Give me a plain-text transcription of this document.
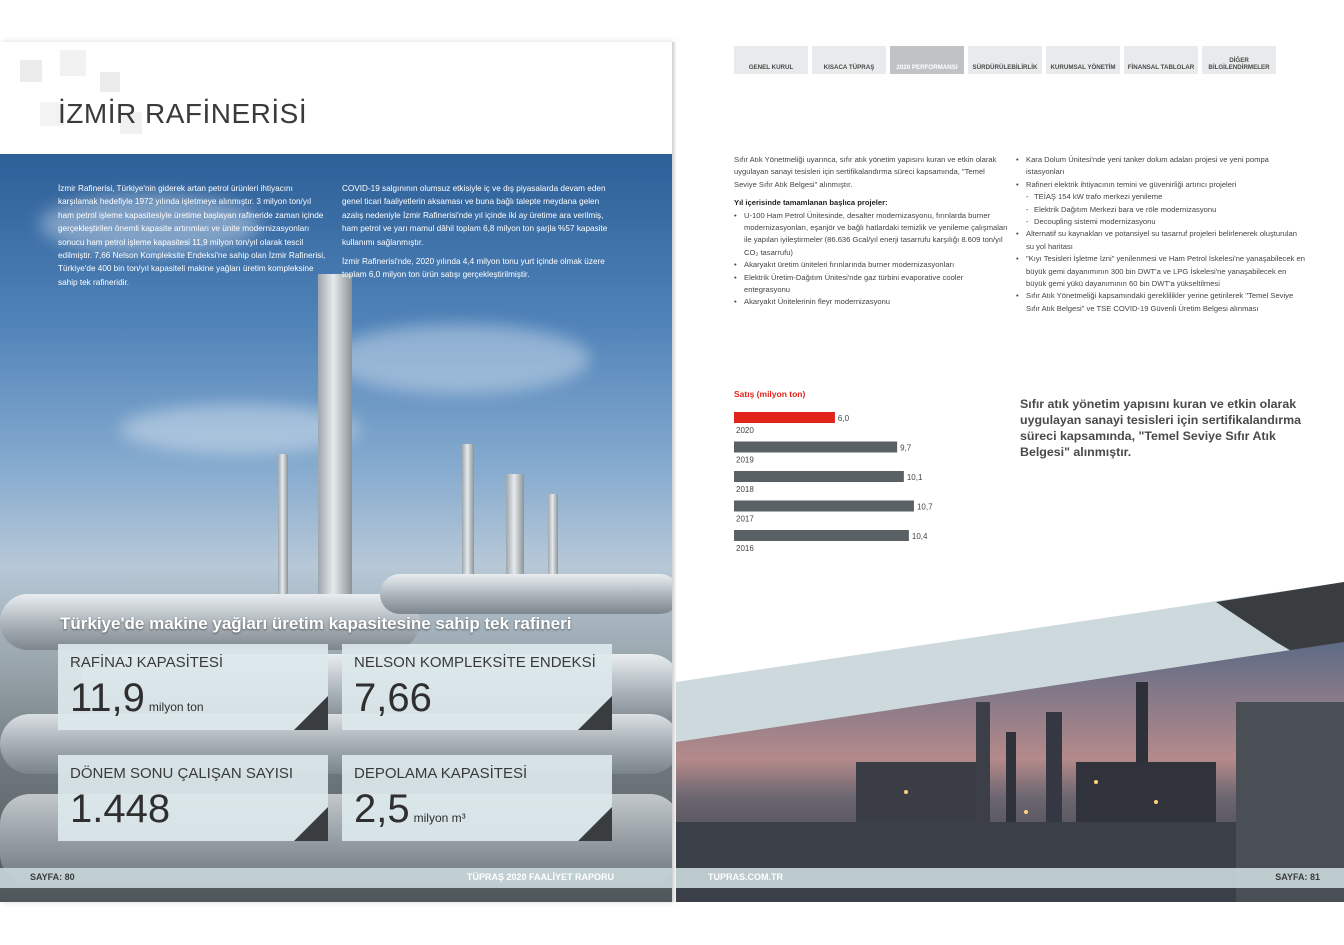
İZMİR RAFİNERİSİ

İzmir Rafinerisi, Türkiye'nin giderek artan petrol ürünleri ihtiyacını karşılamak hedefiyle 1972 yılında işletmeye alınmıştır. 3 milyon ton/yıl ham petrol işleme kapasitesiyle üretime başlayan rafineride zaman içinde gerçekleştirilen önemli kapasite artırımları ve ünite modernizasyonları sonucu ham petrol işleme kapasitesi 11,9 milyon ton/yıl olarak tescil edilmiştir. 7,66 Nelson Kompleksite Endeksi'ne sahip olan İzmir Rafinerisi, Türkiye'de 400 bin ton/yıl kapasiteli makine yağları üretim kompleksine sahip tek rafineridir.

COVID-19 salgınının olumsuz etkisiyle iç ve dış piyasalarda devam eden genel ticari faaliyetlerin aksaması ve buna bağlı talepte meydana gelen azalış nedeniyle İzmir Rafinerisi'nde yıl içinde iki ay üretime ara verilmiş, ham petrol ve yarı mamul dâhil toplam 6,8 milyon ton şarjla %57 kapasite kullanımı sağlanmıştır.

İzmir Rafinerisi'nde, 2020 yılında 4,4 milyon tonu yurt içinde olmak üzere toplam 6,0 milyon ton ürün satışı gerçekleştirilmiştir.

Türkiye'de makine yağları üretim kapasitesine sahip tek rafineri
RAFİNAJ KAPASİTESİ
11,9 milyon ton
NELSON KOMPLEKSİTE ENDEKSİ
7,66
DÖNEM SONU ÇALIŞAN SAYISI
1.448
DEPOLAMA KAPASİTESİ
2,5 milyon m³
SAYFA: 80	TÜPRAŞ 2020 FAALİYET RAPORU
GENEL KURUL	KISACA TÜPRAŞ	2020 PERFORMANSI	SÜRDÜRÜLEBİLİRLİK	KURUMSAL YÖNETİM	FİNANSAL TABLOLAR
DİĞER BİLGİLENDİRMELER

Sıfır Atık Yönetmeliği uyarınca, sıfır atık yönetim yapısını kuran ve etkin olarak uygulayan sanayi tesisleri için sertifikalandırma süreci kapsamında, "Temel Seviye Sıfır Atık Belgesi" alınmıştır.

Yıl içerisinde tamamlanan başlıca projeler:

• U-100 Ham Petrol Ünitesinde, desalter modernizasyonu, fırınlarda burner modernizasyonları, eşanjör ve bağlı hatlardaki temizlik ve yenileme çalışmaları ile yapılan iyileştirmeler (86.636 Gcal/yıl enerji tasarrufu karşılığı 8.609 ton/yıl CO₂ tasarrufu)
• Akaryakıt üretim üniteleri fırınlarında burner modernizasyonları
• Elektrik Üretim-Dağıtım Ünitesi'nde gaz türbini evaporative cooler entegrasyonu
• Akaryakıt Ünitelerinin fleyr modernizasyonu
• Kara Dolum Ünitesi'nde yeni tanker dolum adaları projesi ve yeni pompa istasyonları
• Rafineri elektrik ihtiyacının temini ve güvenirliği artırıcı projeleri
- TEİAŞ 154 kW trafo merkezi yenileme
- Elektrik Dağıtım Merkezi bara ve röle modernizasyonu
- Decoupling sistemi modernizasyonu
• Alternatif su kaynakları ve potansiyel su tasarruf projeleri belirlenerek oluşturulan su yol haritası
• "Kıyı Tesisleri İşletme İzni" yenilenmesi ve Ham Petrol İskelesi'ne yanaşabilecek en büyük gemi dayanımının 300 bin DWT'a ve LPG İskelesi'ne yanaşabilecek en büyük gemi yükü dayanımının 60 bin DWT'a yükseltilmesi
• Sıfır Atık Yönetmeliği kapsamındaki gereklilikler yerine getirilerek "Temel Seviye Sıfır Atık Belgesi" ve TSE COVID-19 Güvenli Üretim Belgesi alınması
Satış (milyon ton)
6,0
2020
9,7
2019
10,1
2018
10,7
2017
10,4
2016
Sıfır atık yönetim yapısını kuran ve etkin olarak uygulayan sanayi tesisleri için sertifikalandırma süreci kapsamında, "Temel Seviye Sıfır Atık Belgesi" alınmıştır.
TUPRAS.COM.TR	SAYFA: 81
